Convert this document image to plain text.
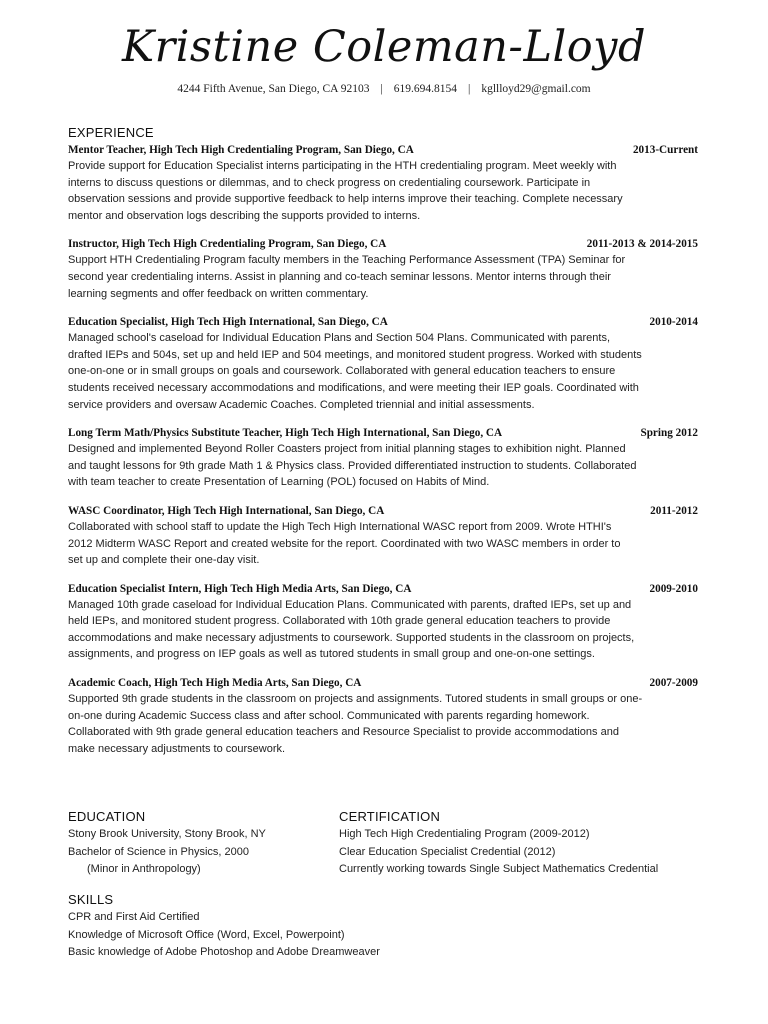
Kristine Coleman-Lloyd
4244 Fifth Avenue, San Diego, CA 92103 | 619.694.8154 | kgllloyd29@gmail.com
EXPERIENCE
Mentor Teacher, High Tech High Credentialing Program, San Diego, CA	2013-Current
Provide support for Education Specialist interns participating in the HTH credentialing program. Meet weekly with
interns to discuss questions or dilemmas, and to check progress on credentialing coursework. Participate in
observation sessions and provide supportive feedback to help interns improve their teaching. Complete necessary
mentor and observation logs describing the supports provided to interns.
Instructor, High Tech High Credentialing Program, San Diego, CA	2011-2013 & 2014-2015
Support HTH Credentialing Program faculty members in the Teaching Performance Assessment (TPA) Seminar for
second year credentialing interns. Assist in planning and co-teach seminar lessons. Mentor interns through their
learning segments and offer feedback on written commentary.
Education Specialist, High Tech High International, San Diego, CA	2010-2014
Managed school's caseload for Individual Education Plans and Section 504 Plans. Communicated with parents,
drafted IEPs and 504s, set up and held IEP and 504 meetings, and monitored student progress. Worked with students
one-on-one or in small groups on goals and coursework. Collaborated with general education teachers to ensure
students received necessary accommodations and modifications, and were meeting their IEP goals. Coordinated with
service providers and oversaw Academic Coaches. Completed triennial and initial assessments.
Long Term Math/Physics Substitute Teacher, High Tech High International, San Diego, CA	Spring 2012
Designed and implemented Beyond Roller Coasters project from initial planning stages to exhibition night. Planned
and taught lessons for 9th grade Math 1 & Physics class. Provided differentiated instruction to students. Collaborated
with team teacher to create Presentation of Learning (POL) focused on Habits of Mind.
WASC Coordinator, High Tech High International, San Diego, CA	2011-2012
Collaborated with school staff to update the High Tech High International WASC report from 2009. Wrote HTHI's
2012 Midterm WASC Report and created website for the report. Coordinated with two WASC members in order to
set up and complete their one-day visit.
Education Specialist Intern, High Tech High Media Arts, San Diego, CA	2009-2010
Managed 10th grade caseload for Individual Education Plans. Communicated with parents, drafted IEPs, set up and
held IEPs, and monitored student progress. Collaborated with 10th grade general education teachers to provide
accommodations and make necessary adjustments to coursework. Supported students in the classroom on projects,
assignments, and progress on IEP goals as well as tutored students in small group and one-on-one settings.
Academic Coach, High Tech High Media Arts, San Diego, CA	2007-2009
Supported 9th grade students in the classroom on projects and assignments. Tutored students in small groups or one-
on-one during Academic Success class and after school. Communicated with parents regarding homework.
Collaborated with 9th grade general education teachers and Resource Specialist to provide accommodations and
make necessary adjustments to coursework.
EDUCATION
Stony Brook University, Stony Brook, NY
Bachelor of Science in Physics, 2000
(Minor in Anthropology)
CERTIFICATION
High Tech High Credentialing Program (2009-2012)
Clear Education Specialist Credential (2012)
Currently working towards Single Subject Mathematics Credential
SKILLS
CPR and First Aid Certified
Knowledge of Microsoft Office (Word, Excel, Powerpoint)
Basic knowledge of Adobe Photoshop and Adobe Dreamweaver
